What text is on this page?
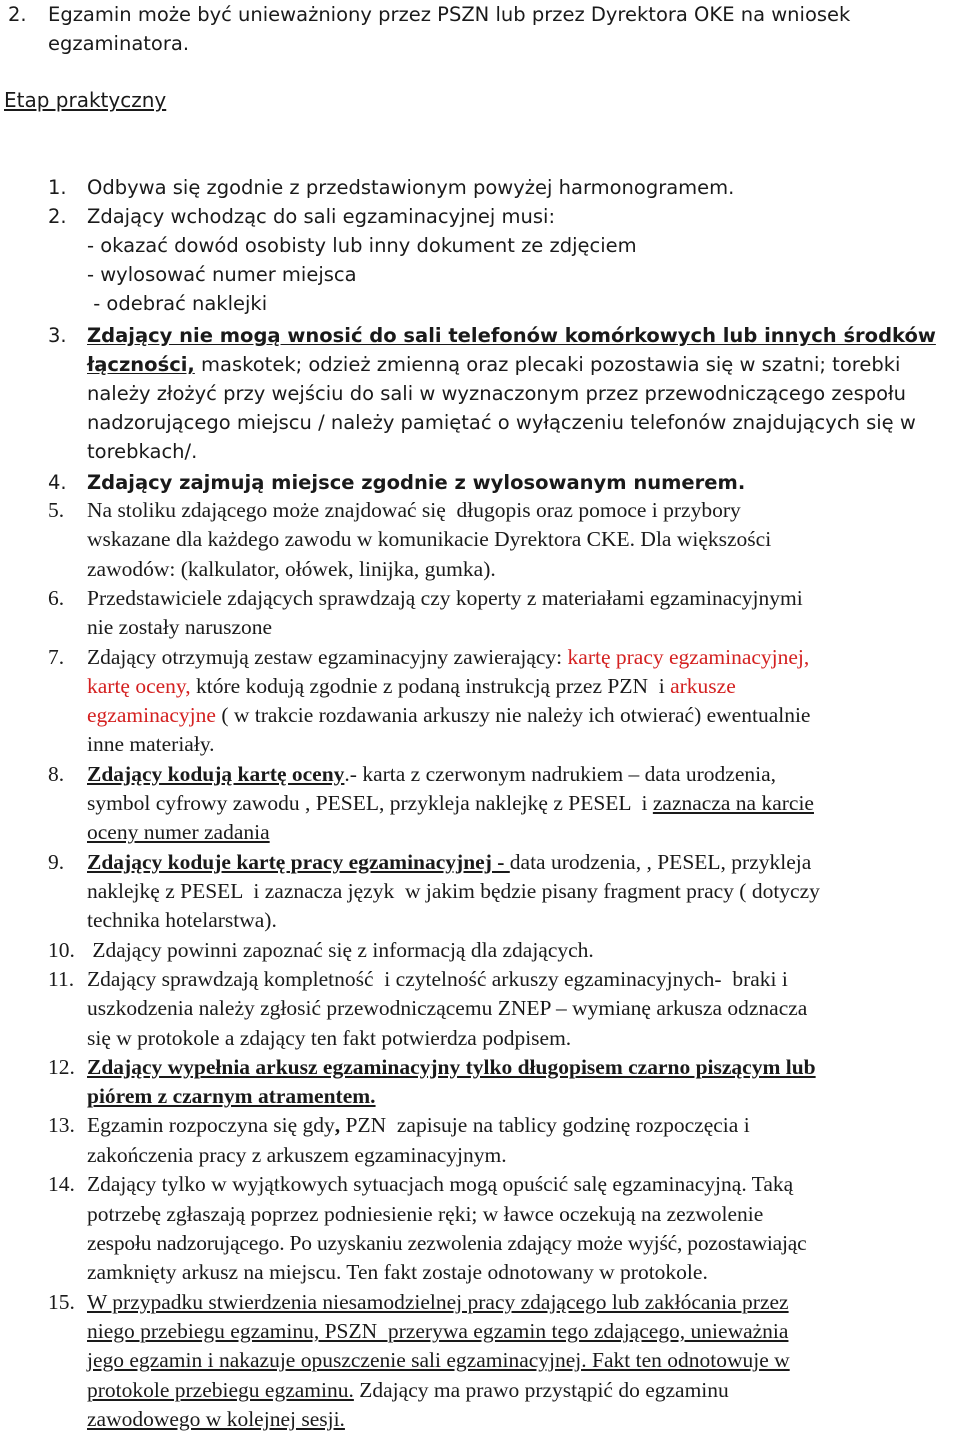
2. Egzamin może być unieważniony przez PSZN lub przez Dyrektora OKE na wniosek
egzaminatora.
Etap praktyczny
1. Odbywa się zgodnie z przedstawionym powyżej harmonogramem.
2. Zdający wchodząc do sali egzaminacyjnej musi:
- okazać dowód osobisty lub inny dokument ze zdjęciem
- wylosować numer miejsca
- odebrać naklejki
3. Zdający nie mogą wnosić do sali telefonów komórkowych lub innych środków
łączności, maskotek; odzież zmienną oraz plecaki pozostawia się w szatni; torebki
należy złożyć przy wejściu do sali w wyznaczonym przez przewodniczącego zespołu
nadzorującego miejscu / należy pamiętać o wyłączeniu telefonów znajdujących się w
torebkach/.
4. Zdający zajmują miejsce zgodnie z wylosowanym numerem.
5. Na stoliku zdającego może znajdować się  długopis oraz pomoce i przybory
wskazane dla każdego zawodu w komunikacie Dyrektora CKE. Dla większości
zawodów: (kalkulator, ołówek, linijka, gumka).
6. Przedstawiciele zdających sprawdzają czy koperty z materiałami egzaminacyjnymi
nie zostały naruszone
7. Zdający otrzymują zestaw egzaminacyjny zawierający: kartę pracy egzaminacyjnej,
kartę oceny, które kodują zgodnie z podaną instrukcją przez PZN  i arkusze
egzaminacyjne ( w trakcie rozdawania arkuszy nie należy ich otwierać) ewentualnie
inne materiały.
8. Zdający kodują kartę oceny.- karta z czerwonym nadrukiem – data urodzenia,
symbol cyfrowy zawodu , PESEL, przykleja naklejkę z PESEL  i zaznacza na karcie
oceny numer zadania
9. Zdający koduje kartę pracy egzaminacyjnej - data urodzenia, , PESEL, przykleja
naklejkę z PESEL  i zaznacza język  w jakim będzie pisany fragment pracy ( dotyczy
technika hotelarstwa).
10. Zdający powinni zapoznać się z informacją dla zdających.
11. Zdający sprawdzają kompletność  i czytelność arkuszy egzaminacyjnych-  braki i
uszkodzenia należy zgłosić przewodniczącemu ZNEP – wymianę arkusza odznacza
się w protokole a zdający ten fakt potwierdza podpisem.
12. Zdający wypełnia arkusz egzaminacyjny tylko długopisem czarno piszącym lub
piórem z czarnym atramentem.
13. Egzamin rozpoczyna się gdy, PZN  zapisuje na tablicy godzinę rozpoczęcia i
zakończenia pracy z arkuszem egzaminacyjnym.
14. Zdający tylko w wyjątkowych sytuacjach mogą opuścić salę egzaminacyjną. Taką
potrzebę zgłaszają poprzez podniesienie ręki; w ławce oczekują na zezwolenie
zespołu nadzorującego. Po uzyskaniu zezwolenia zdający może wyjść, pozostawiając
zamknięty arkusz na miejscu. Ten fakt zostaje odnotowany w protokole.
15. W przypadku stwierdzenia niesamodzielnej pracy zdającego lub zakłócania przez
niego przebiegu egzaminu, PSZN  przerywa egzamin tego zdającego, unieważnia
jego egzamin i nakazuje opuszczenie sali egzaminacyjnej. Fakt ten odnotowuje w
protokole przebiegu egzaminu. Zdający ma prawo przystąpić do egzaminu
zawodowego w kolejnej sesji.
